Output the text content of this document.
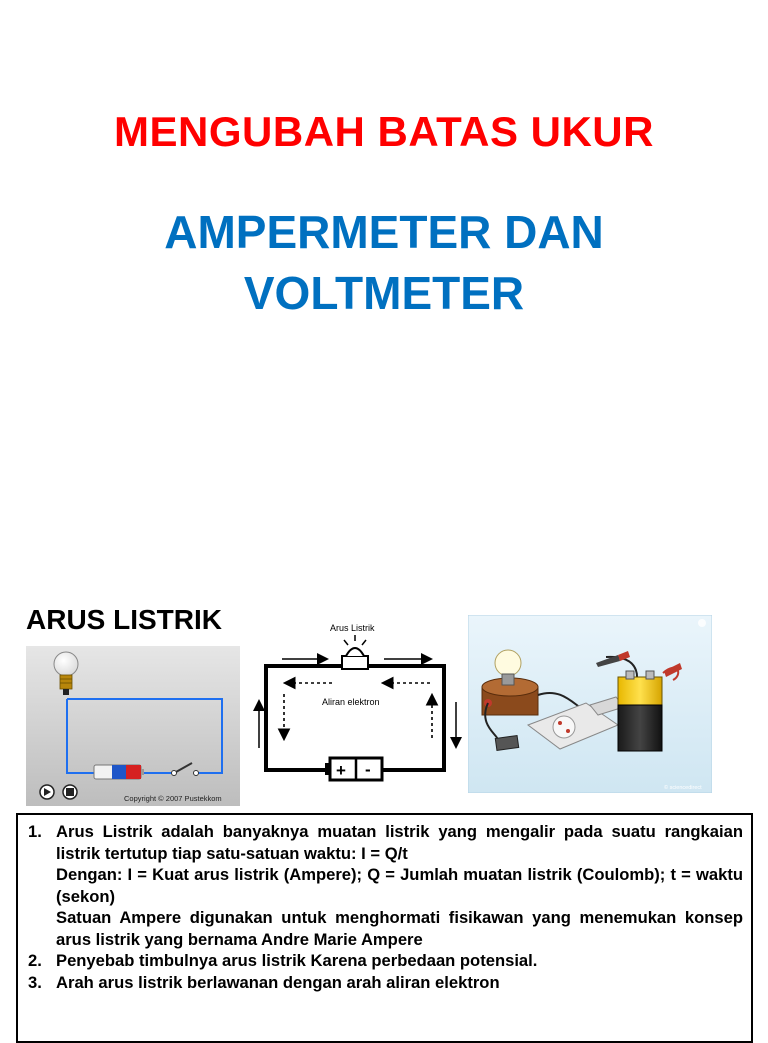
MENGUBAH BATAS UKUR
AMPERMETER DAN
VOLTMETER
ARUS LISTRIK
Copyright © 2007 Pustekkom
Arus Listrik
Aliran elektron
+ -
© sciencedirect
1. Arus Listrik adalah banyaknya muatan listrik yang mengalir pada suatu rangkaian listrik tertutup tiap satu-satuan waktu: I = Q/t

Dengan: I = Kuat arus listrik (Ampere); Q = Jumlah muatan listrik (Coulomb); t = waktu (sekon)

Satuan Ampere digunakan untuk menghormati fisikawan yang menemukan konsep arus listrik yang bernama Andre Marie Ampere

2. Penyebab timbulnya arus listrik Karena perbedaan potensial.

3. Arah arus listrik berlawanan dengan arah aliran elektron
